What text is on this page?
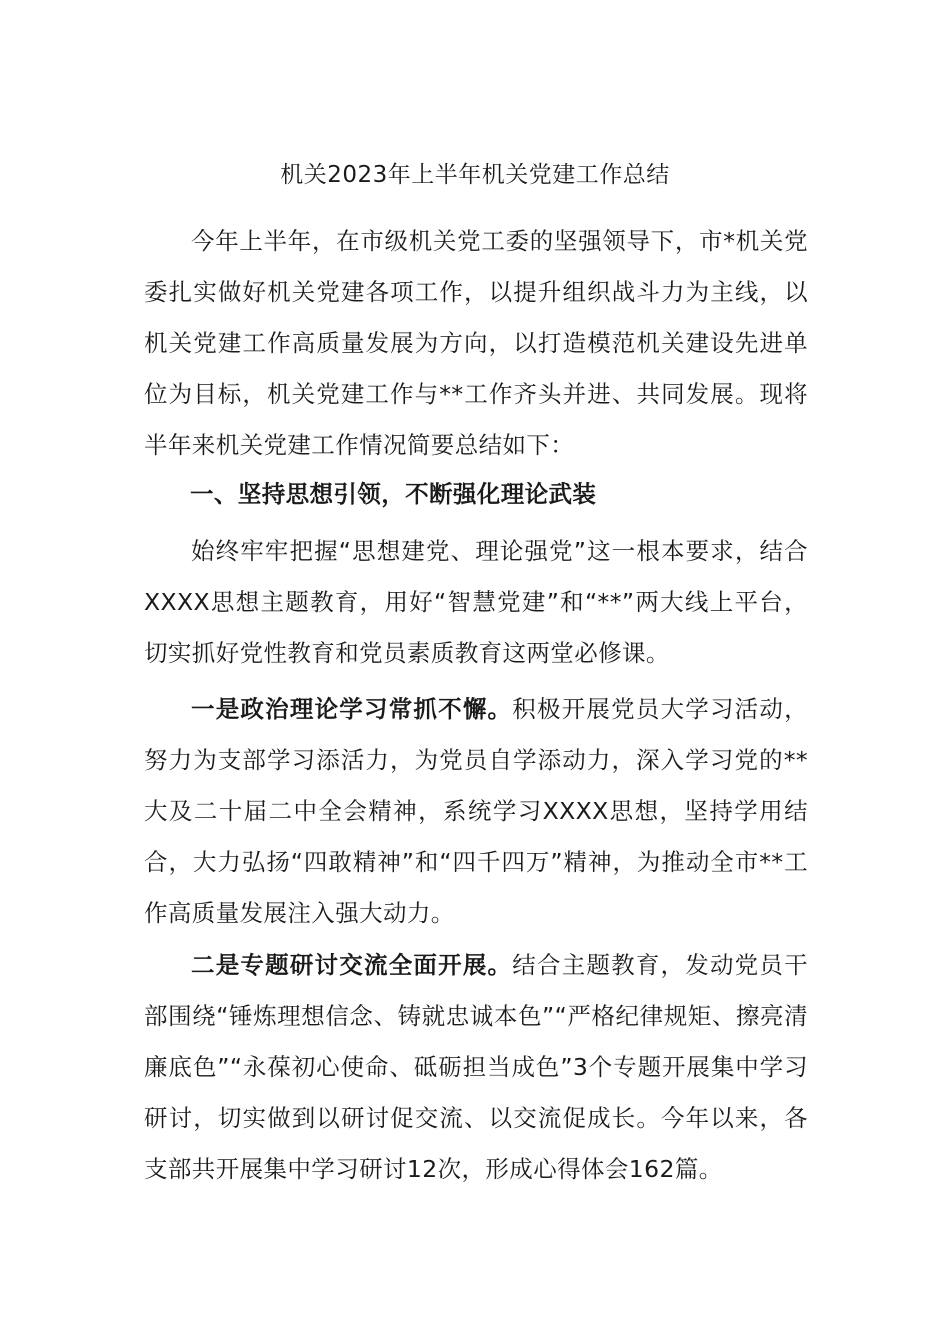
机关2023年上半年机关党建工作总结

今年上半年，在市级机关党工委的坚强领导下，市*机关党委扎实做好机关党建各项工作，以提升组织战斗力为主线，以机关党建工作高质量发展为方向，以打造模范机关建设先进单位为目标，机关党建工作与**工作齐头并进、共同发展。现将半年来机关党建工作情况简要总结如下：

一、坚持思想引领，不断强化理论武装

始终牢牢把握“思想建党、理论强党”这一根本要求，结合XXXX思想主题教育，用好“智慧党建”和“**”两大线上平台，切实抓好党性教育和党员素质教育这两堂必修课。

一是政治理论学习常抓不懈。积极开展党员大学习活动，努力为支部学习添活力，为党员自学添动力，深入学习党的**大及二十届二中全会精神，系统学习XXXX思想，坚持学用结合，大力弘扬“四敢精神”和“四千四万”精神，为推动全市**工作高质量发展注入强大动力。

二是专题研讨交流全面开展。结合主题教育，发动党员干部围绕“锤炼理想信念、铸就忠诚本色”“严格纪律规矩、擦亮清廉底色”“永葆初心使命、砥砺担当成色”3个专题开展集中学习研讨，切实做到以研讨促交流、以交流促成长。今年以来，各支部共开展集中学习研讨12次，形成心得体会162篇。
